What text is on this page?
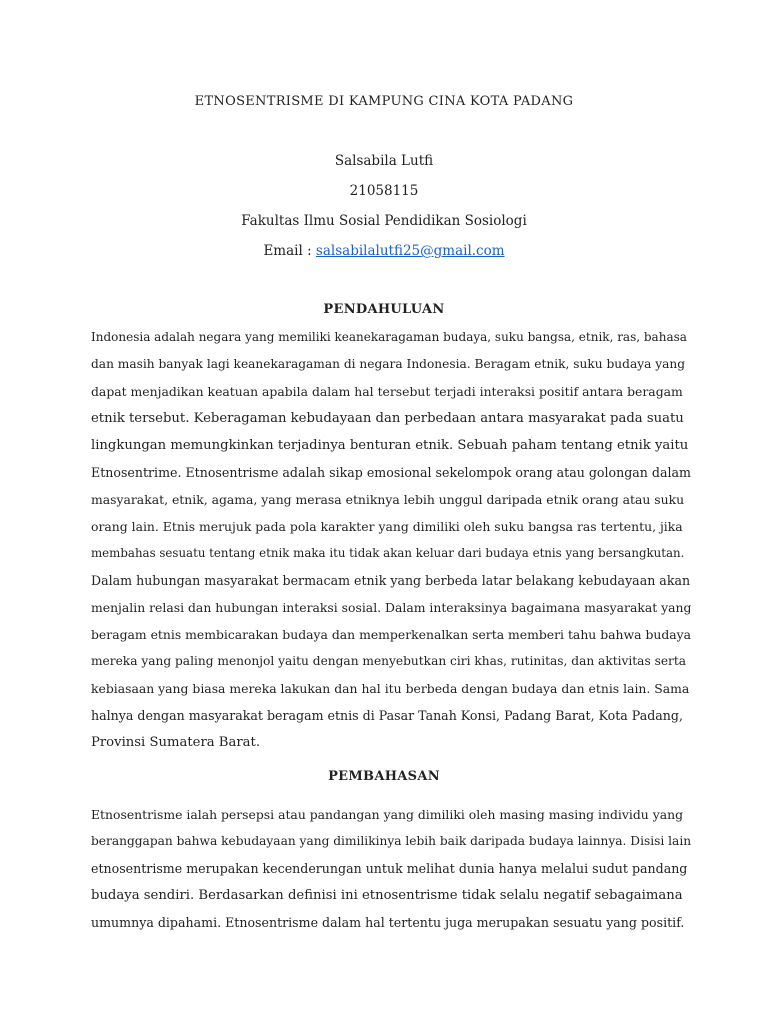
ETNOSENTRISME DI KAMPUNG CINA KOTA PADANG
Salsabila Lutfi
21058115
Fakultas Ilmu Sosial Pendidikan Sosiologi
Email : salsabilalutfi25@gmail.com
PENDAHULUAN
Indonesia adalah negara yang memiliki keanekaragaman budaya, suku bangsa, etnik, ras, bahasa
dan masih banyak lagi keanekaragaman di negara Indonesia. Beragam etnik, suku budaya yang
dapat menjadikan keatuan apabila dalam hal tersebut terjadi interaksi positif antara beragam
etnik tersebut. Keberagaman kebudayaan dan perbedaan antara masyarakat pada suatu
lingkungan memungkinkan terjadinya benturan etnik. Sebuah paham tentang etnik yaitu
Etnosentrime. Etnosentrisme adalah sikap emosional sekelompok orang atau golongan dalam
masyarakat, etnik, agama, yang merasa etniknya lebih unggul daripada etnik orang atau suku
orang lain. Etnis merujuk pada pola karakter yang dimiliki oleh suku bangsa ras tertentu, jika
membahas sesuatu tentang etnik maka itu tidak akan keluar dari budaya etnis yang bersangkutan.
Dalam hubungan masyarakat bermacam etnik yang berbeda latar belakang kebudayaan akan
menjalin relasi dan hubungan interaksi sosial. Dalam interaksinya bagaimana masyarakat yang
beragam etnis membicarakan budaya dan memperkenalkan serta memberi tahu bahwa budaya
mereka yang paling menonjol yaitu dengan menyebutkan ciri khas, rutinitas, dan aktivitas serta
kebiasaan yang biasa mereka lakukan dan hal itu berbeda dengan budaya dan etnis lain. Sama
halnya dengan masyarakat beragam etnis di Pasar Tanah Konsi, Padang Barat, Kota Padang,
Provinsi Sumatera Barat.
PEMBAHASAN
Etnosentrisme ialah persepsi atau pandangan yang dimiliki oleh masing masing individu yang
beranggapan bahwa kebudayaan yang dimilikinya lebih baik daripada budaya lainnya. Disisi lain
etnosentrisme merupakan kecenderungan untuk melihat dunia hanya melalui sudut pandang
budaya sendiri. Berdasarkan definisi ini etnosentrisme tidak selalu negatif sebagaimana
umumnya dipahami. Etnosentrisme dalam hal tertentu juga merupakan sesuatu yang positif.
